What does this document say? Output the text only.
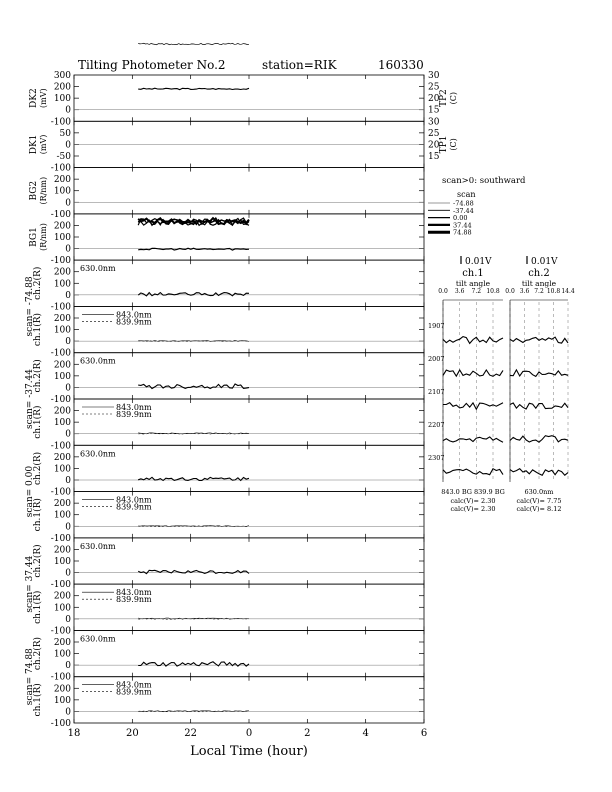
Tilting Photometer No.2	station=RIK	160330
300
200
100
0
-100
DK2 (mV)
30
25
20
15
TP2 (C)
50
0
-50
-100
DK1 (mV)
30
25
20
15
TP1 (C)
200
100
0
-100
BG2 (R/nm)
200
100
0
-100
BG1 (R/nm)
200
100
0
-100
ch.2(R)	630.0nm
200
100
0
-100
ch.1(R)
scan= -74.88	843.0nm
839.9nm
200
100
0
-100
ch.2(R)	630.0nm
200
100
0
-100
ch.1(R)
scan= -37.44	843.0nm
839.9nm
200
100
0
-100
ch.2(R)	630.0nm
200
100
0
-100
ch.1(R)
scan= 0.00	843.0nm
839.9nm
200
100
0
-100
ch.2(R)	630.0nm
200
100
0
-100
ch.1(R)
scan= 37.44	843.0nm
839.9nm
200
100
0
-100
ch.2(R)	630.0nm
200
100
0
-100
ch.1(R)
scan= 74.88	843.0nm
839.9nm
18	20	22	0	2	4	6
Local Time (hour)
scan>0: southward
scan
-74.88
-37.44
0.00
37.44
74.88
0.01V
ch.1
tilt angle
0.0 3.6 7.2 10.8
843.0 BG 839.9 BG
calc(V)= 2.30
calc(V)= 2.30
0.01V
ch.2
tilt angle
0.0 3.6 7.2 10.8 14.4
630.0nm
calc(V)= 7.75
calc(V)= 8.12
1907
2007
2107
2207
2307
